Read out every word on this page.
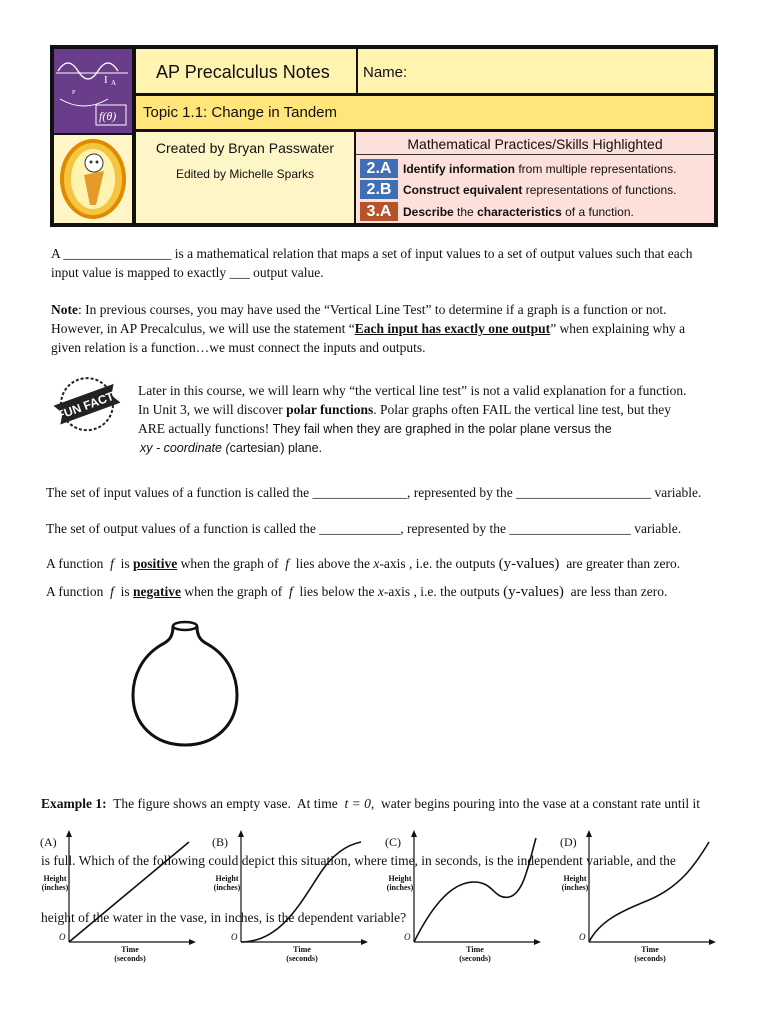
I A
P
f(θ)
AP Precalculus Notes Name:
Topic 1.1: Change in Tandem
Created by Bryan Passwater
Edited by Michelle Sparks
Mathematical Practices/Skills Highlighted
2.A Identify information from multiple representations.
2.B Construct equivalent representations of functions.
3.A Describe the characteristics of a function.
A ________________ is a mathematical relation that maps a set of input values to a set of output values such that each
input value is mapped to exactly ___ output value.
Note: In previous courses, you may have used the “Vertical Line Test” to determine if a graph is a function or not.
However, in AP Precalculus, we will use the statement “Each input has exactly one output” when explaining why a
given relation is a function…we must connect the inputs and outputs.
FUN FACT! Later in this course, we will learn why “the vertical line test” is not a valid explanation for a function.
In Unit 3, we will discover polar functions. Polar graphs often FAIL the vertical line test, but they
ARE actually functions! They fail when they are graphed in the polar plane versus the
xy - coordinate (cartesian) plane.
The set of input values of a function is called the ______________, represented by the ____________________ variable.
The set of output values of a function is called the ____________, represented by the __________________ variable.
A function  f  is positive when the graph of  f  lies above the x-axis , i.e. the outputs (y-values)  are greater than zero.
A function  f  is negative when the graph of  f  lies below the x-axis , i.e. the outputs (y-values)  are less than zero.

Example 1:  The figure shows an empty vase.  At time  t = 0,  water begins pouring into the vase at a constant rate until it

is full. Which of the following could depict this situation, where time, in seconds, is the independent variable, and the

height of the water in the vase, in inches, is the dependent variable?

(A)
Height
(inches)
Time
(seconds)
O
(B)
Height
(inches)
Time
(seconds)
O
(C)
Height
(inches)
Time
(seconds)
O
(D)
Height
(inches)
Time
(seconds)
O
